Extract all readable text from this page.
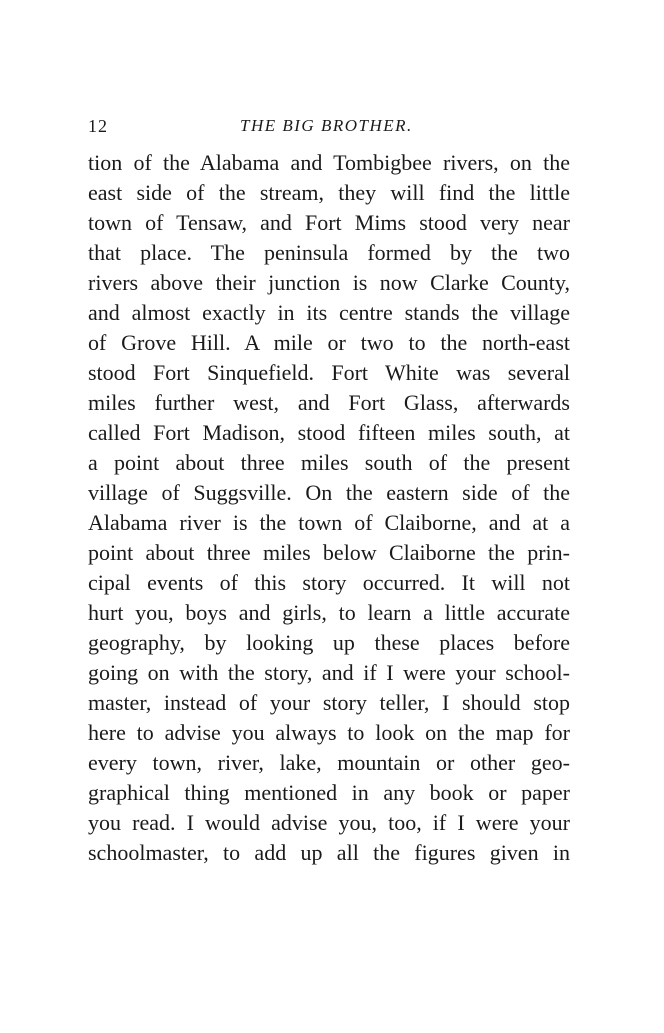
12	THE BIG BROTHER.
tion of the Alabama and Tombigbee rivers, on the
east side of the stream, they will find the little
town of Tensaw, and Fort Mims stood very near
that place. The peninsula formed by the two
rivers above their junction is now Clarke County,
and almost exactly in its centre stands the village
of Grove Hill. A mile or two to the north-east
stood Fort Sinquefield. Fort White was several
miles further west, and Fort Glass, afterwards
called Fort Madison, stood fifteen miles south, at
a point about three miles south of the present
village of Suggsville. On the eastern side of the
Alabama river is the town of Claiborne, and at a
point about three miles below Claiborne the prin-
cipal events of this story occurred. It will not
hurt you, boys and girls, to learn a little accurate
geography, by looking up these places before
going on with the story, and if I were your school-
master, instead of your story teller, I should stop
here to advise you always to look on the map for
every town, river, lake, mountain or other geo-
graphical thing mentioned in any book or paper
you read. I would advise you, too, if I were your
schoolmaster, to add up all the figures given in
